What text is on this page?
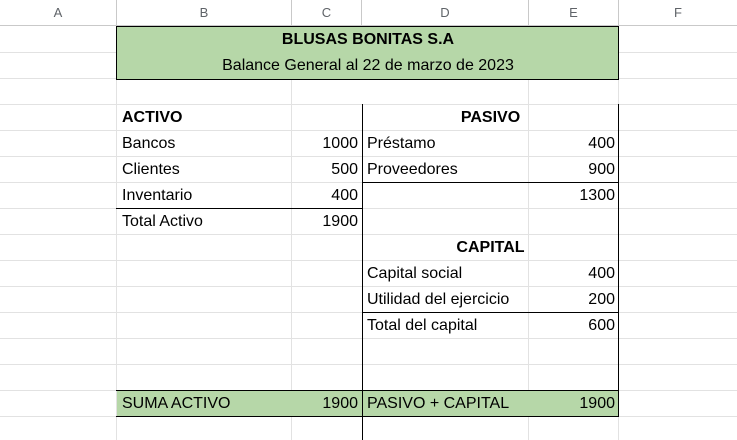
A	B	C	D	E	F
BLUSAS BONITAS S.A
Balance General al 22 de marzo de 2023
ACTIVO
Bancos	1000
Clientes	500
Inventario	400
Total Activo	1900
PASIVO
Préstamo	400
Proveedores	900
1300
CAPITAL
Capital social	400
Utilidad del ejercicio	200
Total del capital	600
SUMA ACTIVO	1900 PASIVO + CAPITAL	1900
